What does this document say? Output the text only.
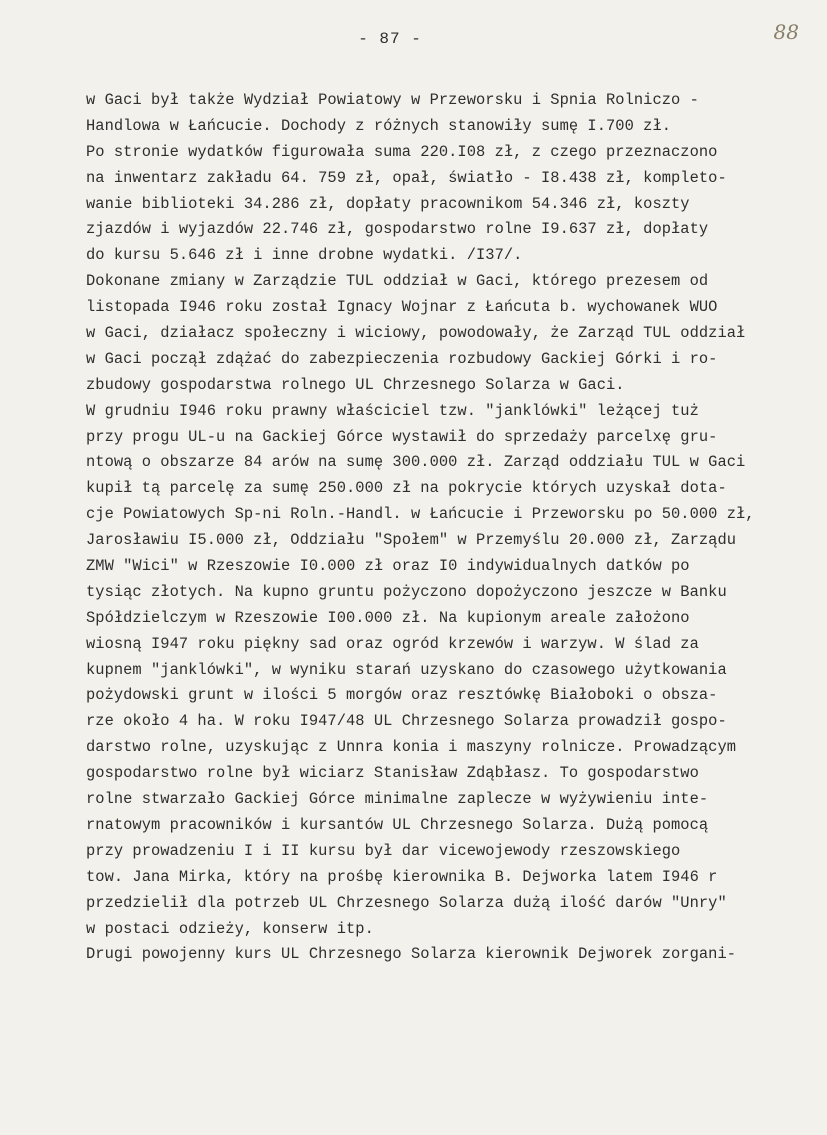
- 87 -	88
w Gaci był także Wydział Powiatowy w Przeworsku i Spnia Rolniczo -
Handlowa w Łańcucie. Dochody z różnych stanowiły sumę I.700 zł.
Po stronie wydatków figurowała suma 220.I08 zł, z czego przeznaczono
na inwentarz zakładu 64. 759 zł, opał, światło - I8.438 zł, kompleto-
wanie biblioteki 34.286 zł, dopłaty pracownikom 54.346 zł, koszty
zjazdów i wyjazdów 22.746 zł, gospodarstwo rolne I9.637 zł, dopłaty
do kursu 5.646 zł i inne drobne wydatki. /I37/.
Dokonane zmiany w Zarządzie TUL oddział w Gaci, którego prezesem od
listopada I946 roku został Ignacy Wojnar z Łańcuta b. wychowanek WUO
w Gaci, działacz społeczny i wiciowy, powodowały, że Zarząd TUL oddział
w Gaci począł zdążać do zabezpieczenia rozbudowy Gackiej Górki i ro-
zbudowy gospodarstwa rolnego UL Chrzesnego Solarza w Gaci.
W grudniu I946 roku prawny właściciel tzw. "janklówki" leżącej tuż
przy progu UL-u na Gackiej Górce wystawił do sprzedaży parcelxę gru-
ntową o obszarze 84 arów na sumę 300.000 zł. Zarząd oddziału TUL w Gaci
kupił tą parcelę za sumę 250.000 zł na pokrycie których uzyskał dota-
cje Powiatowych Sp-ni Roln.-Handl. w Łańcucie i Przeworsku po 50.000 zł,
Jarosławiu I5.000 zł, Oddziału "Społem" w Przemyślu 20.000 zł, Zarządu
ZMW "Wici" w Rzeszowie I0.000 zł oraz I0 indywidualnych datków po
tysiąc złotych. Na kupno gruntu pożyczono dopożyczono jeszcze w Banku
Spółdzielczym w Rzeszowie I00.000 zł. Na kupionym areale założono
wiosną I947 roku piękny sad oraz ogród krzewów i warzyw. W ślad za
kupnem "janklówki", w wyniku starań uzyskano do czasowego użytkowania
pożydowski grunt w ilości 5 morgów oraz resztówkę Białoboki o obsza-
rze około 4 ha. W roku I947/48 UL Chrzesnego Solarza prowadził gospo-
darstwo rolne, uzyskując z Unnra konia i maszyny rolnicze. Prowadzącym
gospodarstwo rolne był wiciarz Stanisław Zdąbłasz. To gospodarstwo
rolne stwarzało Gackiej Górce minimalne zaplecze w wyżywieniu inte-
rnatowym pracowników i kursantów UL Chrzesnego Solarza. Dużą pomocą
przy prowadzeniu I i II kursu był dar vicewojewody rzeszowskiego
tow. Jana Mirka, który na prośbę kierownika B. Dejworka latem I946 r
przedzielił dla potrzeb UL Chrzesnego Solarza dużą ilość darów "Unry"
w postaci odzieży, konserw itp.
Drugi powojenny kurs UL Chrzesnego Solarza kierownik Dejworek zorgani-
